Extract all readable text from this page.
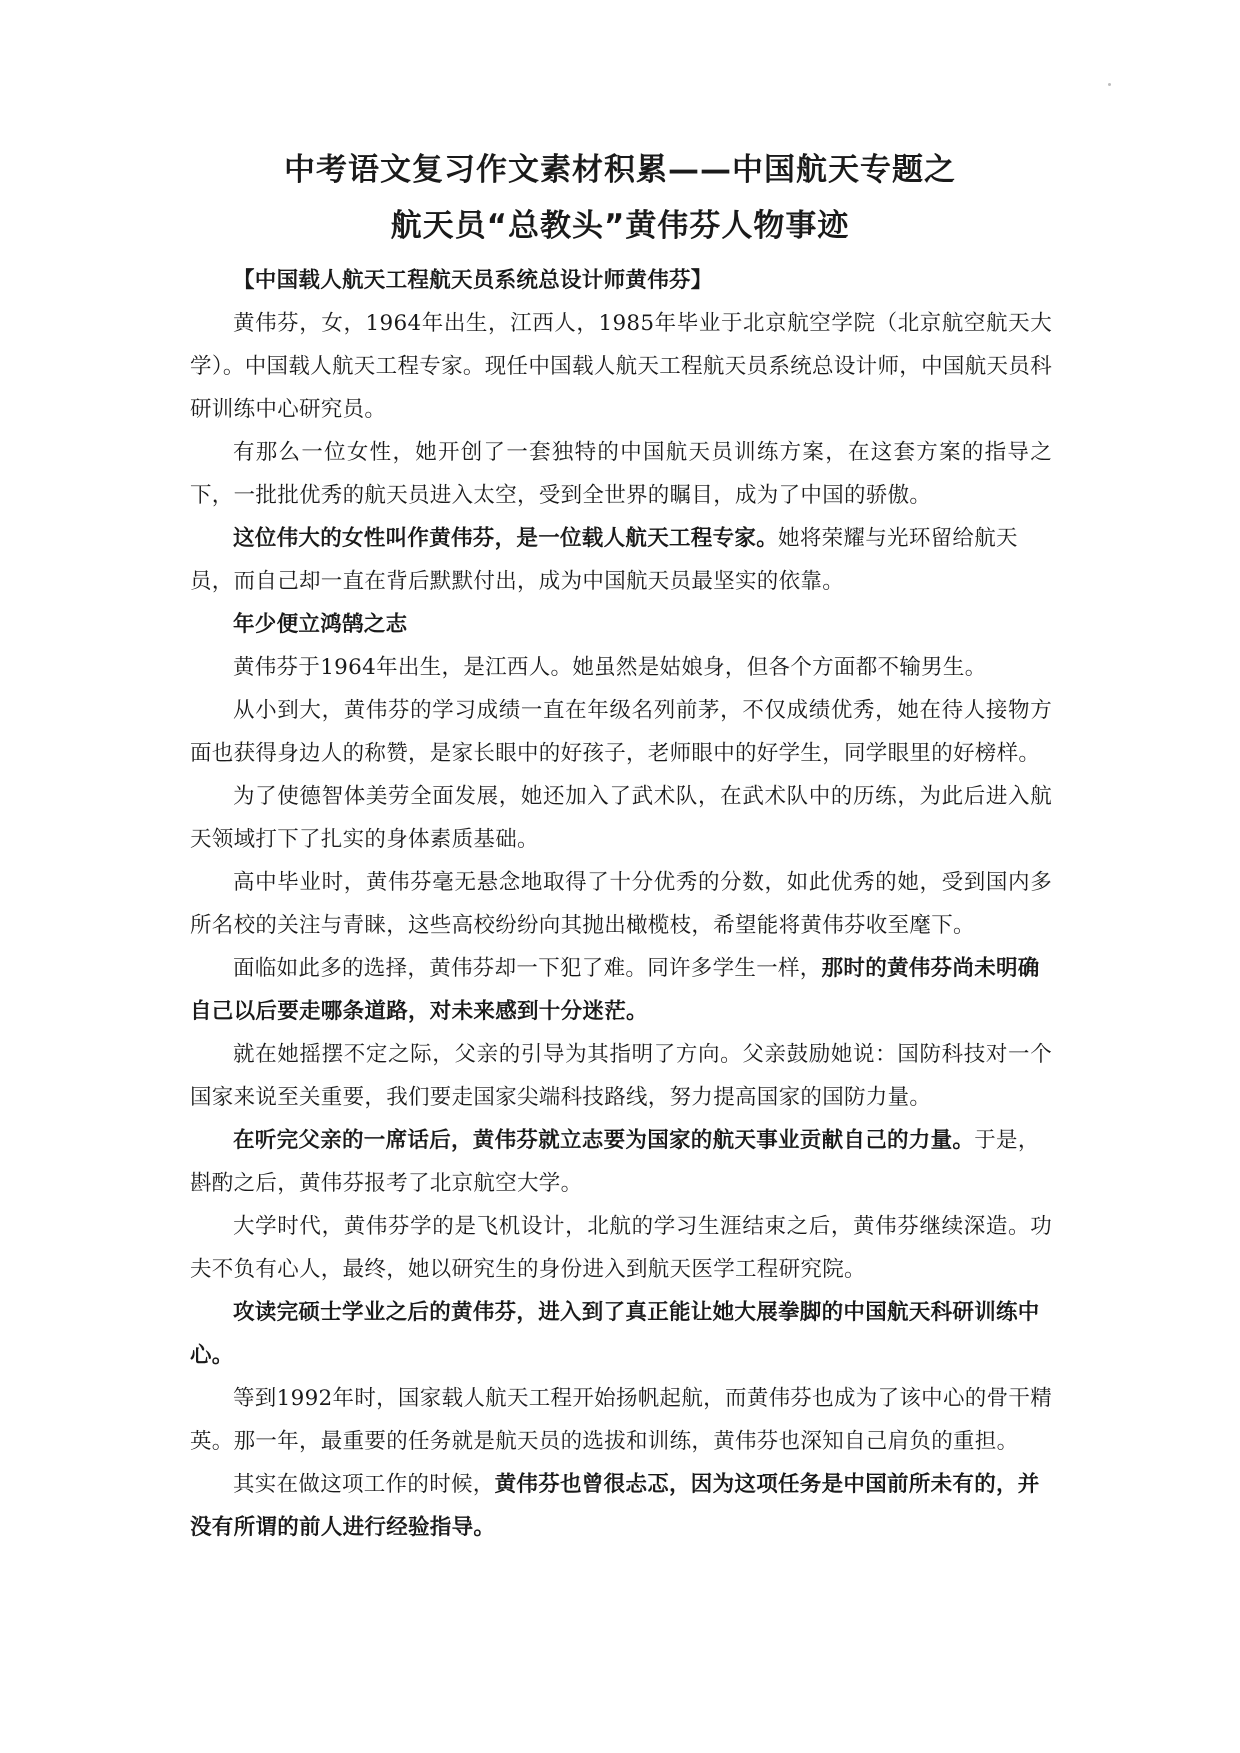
中考语文复习作文素材积累——中国航天专题之
航天员“总教头”黄伟芬人物事迹
【中国载人航天工程航天员系统总设计师黄伟芬】
黄伟芬，女，1964年出生，江西人，1985年毕业于北京航空学院（北京航空航天大
学）。中国载人航天工程专家。现任中国载人航天工程航天员系统总设计师，中国航天员科
研训练中心研究员。
有那么一位女性，她开创了一套独特的中国航天员训练方案，在这套方案的指导之
下，一批批优秀的航天员进入太空，受到全世界的瞩目，成为了中国的骄傲。
这位伟大的女性叫作黄伟芬，是一位载人航天工程专家。她将荣耀与光环留给航天
员，而自己却一直在背后默默付出，成为中国航天员最坚实的依靠。
年少便立鸿鹄之志
黄伟芬于1964年出生，是江西人。她虽然是姑娘身，但各个方面都不输男生。
从小到大，黄伟芬的学习成绩一直在年级名列前茅，不仅成绩优秀，她在待人接物方
面也获得身边人的称赞，是家长眼中的好孩子，老师眼中的好学生，同学眼里的好榜样。
为了使德智体美劳全面发展，她还加入了武术队，在武术队中的历练，为此后进入航
天领域打下了扎实的身体素质基础。
高中毕业时，黄伟芬毫无悬念地取得了十分优秀的分数，如此优秀的她，受到国内多
所名校的关注与青睐，这些高校纷纷向其抛出橄榄枝，希望能将黄伟芬收至麾下。
面临如此多的选择，黄伟芬却一下犯了难。同许多学生一样，那时的黄伟芬尚未明确
自己以后要走哪条道路，对未来感到十分迷茫。
就在她摇摆不定之际，父亲的引导为其指明了方向。父亲鼓励她说：国防科技对一个
国家来说至关重要，我们要走国家尖端科技路线，努力提高国家的国防力量。
在听完父亲的一席话后，黄伟芬就立志要为国家的航天事业贡献自己的力量。于是，
斟酌之后，黄伟芬报考了北京航空大学。
大学时代，黄伟芬学的是飞机设计，北航的学习生涯结束之后，黄伟芬继续深造。功
夫不负有心人，最终，她以研究生的身份进入到航天医学工程研究院。
攻读完硕士学业之后的黄伟芬，进入到了真正能让她大展拳脚的中国航天科研训练中
心。
等到1992年时，国家载人航天工程开始扬帆起航，而黄伟芬也成为了该中心的骨干精
英。那一年，最重要的任务就是航天员的选拔和训练，黄伟芬也深知自己肩负的重担。
其实在做这项工作的时候，黄伟芬也曾很忐忑，因为这项任务是中国前所未有的，并
没有所谓的前人进行经验指导。
